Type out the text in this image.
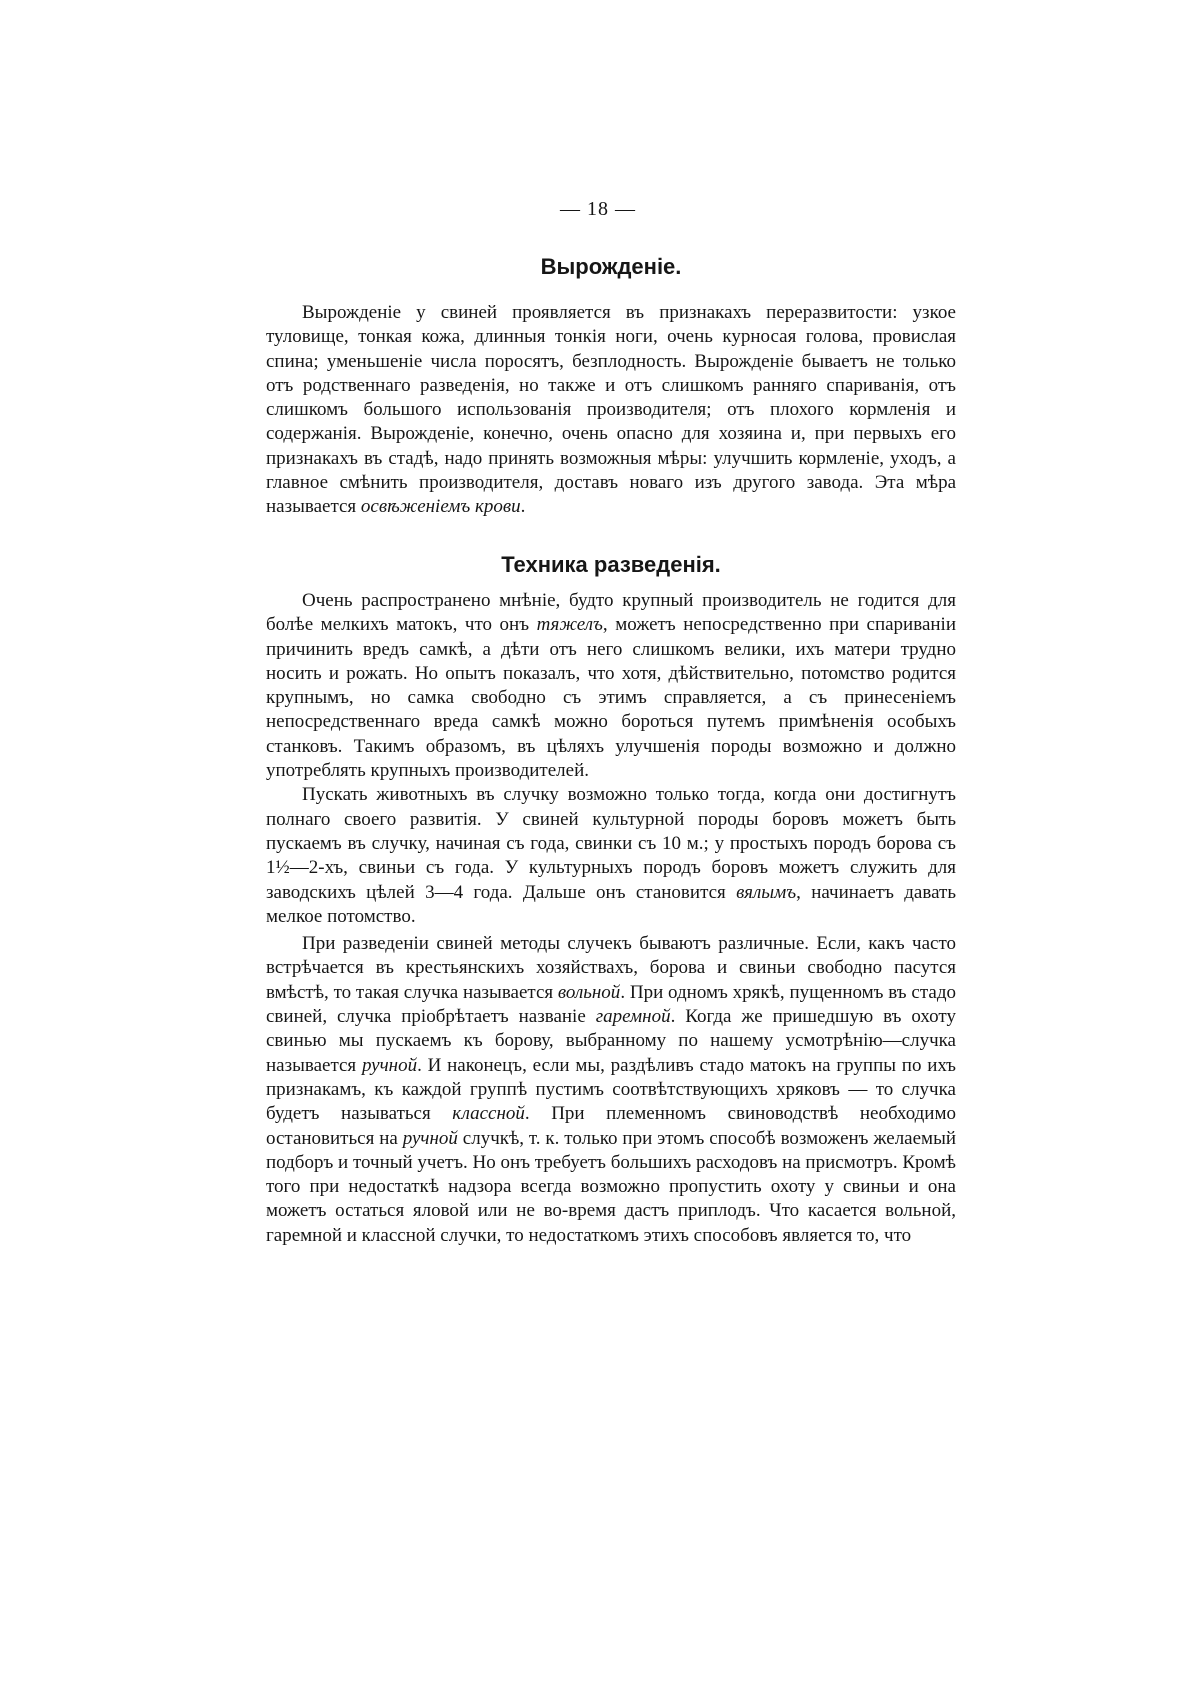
— 18 —
Вырожденіе.

Вырожденіе у свиней проявляется въ признакахъ переразвитости: узкое туловище, тонкая кожа, длинныя тонкія ноги, очень курносая голова, провислая спина; уменьшеніе числа поросятъ, безплодность. Вырожденіе бываетъ не только отъ родственнаго разведенія, но также и отъ слишкомъ ранняго спариванія, отъ слишкомъ большого использованія производителя; отъ плохого кормленія и содержанія. Вырожденіе, конечно, очень опасно для хозяина и, при первыхъ его признакахъ въ стадѣ, надо принять возможныя мѣры: улучшить кормленіе, уходъ, а главное смѣнить производителя, доставъ новаго изъ другого завода. Эта мѣра называется освѣженіемъ крови.

Техника разведенія.

Очень распространено мнѣніе, будто крупный производитель не годится для болѣе мелкихъ матокъ, что онъ тяжелъ, можетъ непосредственно при спариваніи причинить вредъ самкѣ, а дѣти отъ него слишкомъ велики, ихъ матери трудно носить и рожать. Но опытъ показалъ, что хотя, дѣйствительно, потомство родится крупнымъ, но самка свободно съ этимъ справляется, а съ принесеніемъ непосредственнаго вреда самкѣ можно бороться путемъ примѣненія особыхъ станковъ. Такимъ образомъ, въ цѣляхъ улучшенія породы возможно и должно употреблять крупныхъ производителей.

Пускать животныхъ въ случку возможно только тогда, когда они достигнутъ полнаго своего развитія. У свиней культурной породы боровъ можетъ быть пускаемъ въ случку, начиная съ года, свинки съ 10 м.; у простыхъ породъ борова съ 1½—2-хъ, свиньи съ года. У культурныхъ породъ боровъ можетъ служить для заводскихъ цѣлей 3—4 года. Дальше онъ становится вялымъ, начинаетъ давать мелкое потомство.

При разведеніи свиней методы случекъ бываютъ различные. Если, какъ часто встрѣчается въ крестьянскихъ хозяйствахъ, борова и свиньи свободно пасутся вмѣстѣ, то такая случка называется вольной. При одномъ хрякѣ, пущенномъ въ стадо свиней, случка пріобрѣтаетъ названіе гаремной. Когда же пришедшую въ охоту свинью мы пускаемъ къ борову, выбранному по нашему усмотрѣнію—случка называется ручной. И наконецъ, если мы, раздѣливъ стадо матокъ на группы по ихъ признакамъ, къ каждой группѣ пустимъ соотвѣтствующихъ хряковъ — то случка будетъ называться классной. При племенномъ свиноводствѣ необходимо остановиться на ручной случкѣ, т. к. только при этомъ способѣ возможенъ желаемый подборъ и точный учетъ. Но онъ требуетъ большихъ расходовъ на присмотръ. Кромѣ того при недостаткѣ надзора всегда возможно пропустить охоту у свиньи и она можетъ остаться яловой или не во-время дастъ приплодъ. Что касается вольной, гаремной и классной случки, то недостаткомъ этихъ способовъ является то, что
